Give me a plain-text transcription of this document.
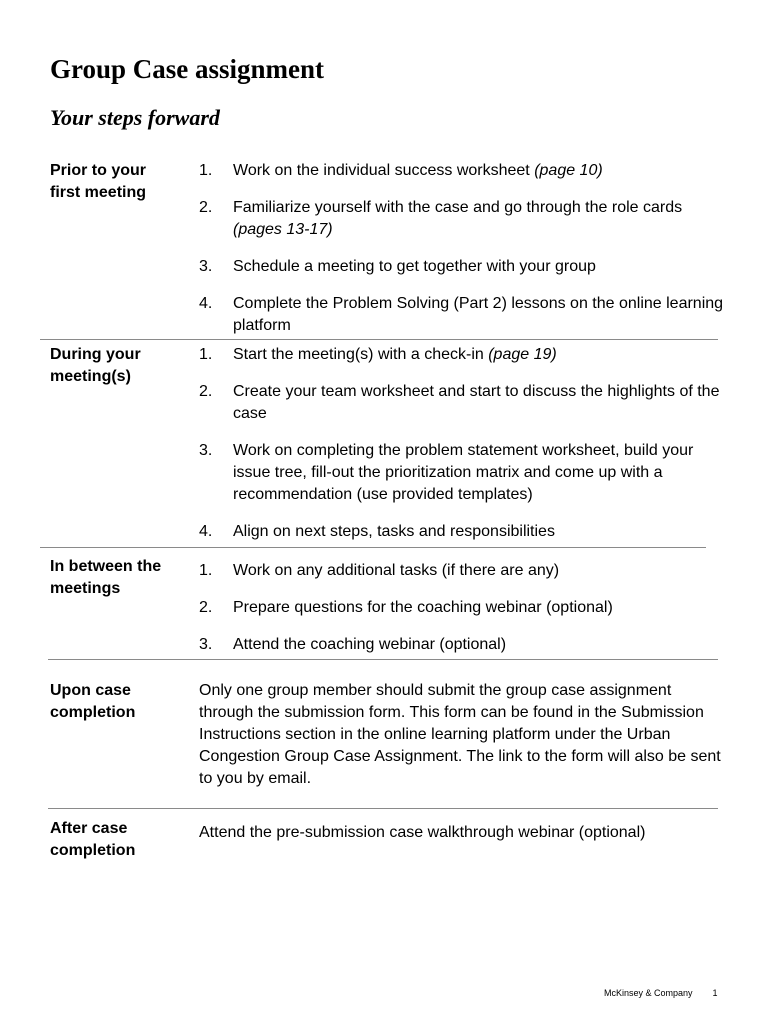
Group Case assignment
Your steps forward
Prior to your first meeting
1. Work on the individual success worksheet (page 10)
2. Familiarize yourself with the case and go through the role cards (pages 13-17)
3. Schedule a meeting to get together with your group
4. Complete the Problem Solving (Part 2) lessons on the online learning platform
During your meeting(s)
1. Start the meeting(s) with a check-in (page 19)
2. Create your team worksheet and start to discuss the highlights of the case
3. Work on completing the problem statement worksheet, build your issue tree, fill-out the prioritization matrix and come up with a recommendation (use provided templates)
4. Align on next steps, tasks and responsibilities
In between the meetings
1. Work on any additional tasks (if there are any)
2. Prepare questions for the coaching webinar (optional)
3. Attend the coaching webinar (optional)
Upon case completion
Only one group member should submit the group case assignment through the submission form. This form can be found in the Submission Instructions section in the online learning platform under the Urban Congestion Group Case Assignment. The link to the form will also be sent to you by email.
After case completion
Attend the pre-submission case walkthrough webinar (optional)
McKinsey & Company 1
